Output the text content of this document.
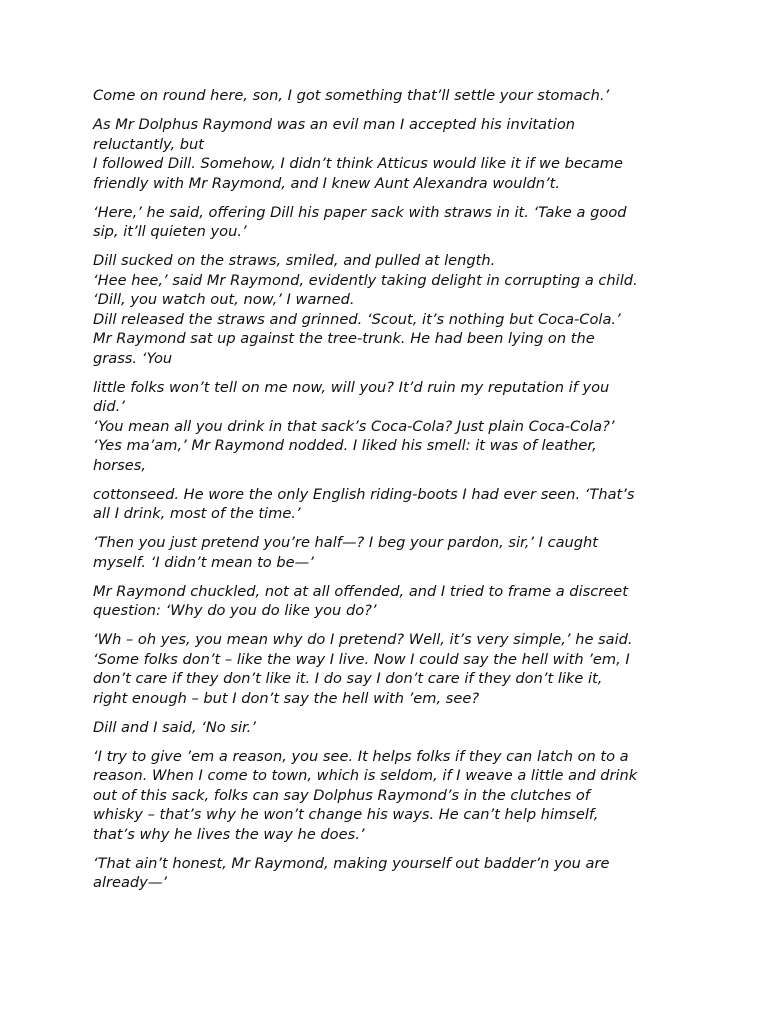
Come on round here, son, I got something that’ll settle your stomach.’

As Mr Dolphus Raymond was an evil man I accepted his invitation
reluctantly, but
I followed Dill. Somehow, I didn’t think Atticus would like it if we became
friendly with Mr Raymond, and I knew Aunt Alexandra wouldn’t.

‘Here,’ he said, offering Dill his paper sack with straws in it. ‘Take a good
sip, it’ll quieten you.’

Dill sucked on the straws, smiled, and pulled at length.
‘Hee hee,’ said Mr Raymond, evidently taking delight in corrupting a child.
‘Dill, you watch out, now,’ I warned.
Dill released the straws and grinned. ‘Scout, it’s nothing but Coca-Cola.’
Mr Raymond sat up against the tree-trunk. He had been lying on the
grass. ‘You

little folks won’t tell on me now, will you? It’d ruin my reputation if you
did.’
‘You mean all you drink in that sack’s Coca-Cola? Just plain Coca-Cola?’
‘Yes ma’am,’ Mr Raymond nodded. I liked his smell: it was of leather,
horses,

cottonseed. He wore the only English riding-boots I had ever seen. ‘That’s
all I drink, most of the time.’

‘Then you just pretend you’re half—? I beg your pardon, sir,’ I caught
myself. ‘I didn’t mean to be—’

Mr Raymond chuckled, not at all offended, and I tried to frame a discreet
question: ‘Why do you do like you do?’

‘Wh – oh yes, you mean why do I pretend? Well, it’s very simple,’ he said.
‘Some folks don’t – like the way I live. Now I could say the hell with ’em, I
don’t care if they don’t like it. I do say I don’t care if they don’t like it,
right enough – but I don’t say the hell with ’em, see?

Dill and I said, ‘No sir.’

‘I try to give ’em a reason, you see. It helps folks if they can latch on to a
reason. When I come to town, which is seldom, if I weave a little and drink
out of this sack, folks can say Dolphus Raymond’s in the clutches of
whisky – that’s why he won’t change his ways. He can’t help himself,
that’s why he lives the way he does.’

‘That ain’t honest, Mr Raymond, making yourself out badder’n you are
already—’
